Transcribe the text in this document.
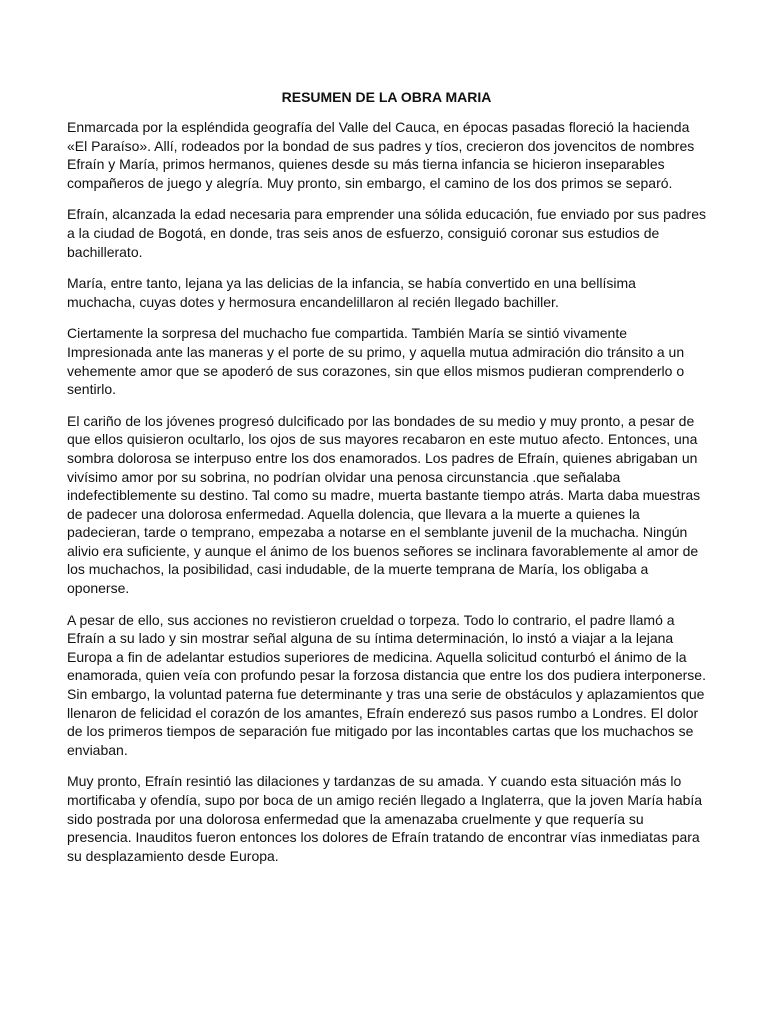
RESUMEN DE LA OBRA MARIA

Enmarcada por la espléndida geografía del Valle del Cauca, en épocas pasadas floreció la hacienda «El Paraíso». Allí, rodeados por la bondad de sus padres y tíos, crecieron dos jovencitos de nombres Efraín y María, primos hermanos, quienes desde su más tierna infancia se hicieron inseparables compañeros de juego y alegría. Muy pronto, sin embargo, el camino de los dos primos se separó.

Efraín, alcanzada la edad necesaria para emprender una sólida educación, fue enviado por sus padres a la ciudad de Bogotá, en donde, tras seis anos de esfuerzo, consiguió coronar sus estudios de bachillerato.

María, entre tanto, lejana ya las delicias de la infancia, se había convertido en una bellísima muchacha, cuyas dotes y hermosura encandelillaron al recién llegado bachiller.

Ciertamente la sorpresa del muchacho fue compartida. También María se sintió vivamente Impresionada ante las maneras y el porte de su primo, y aquella mutua admiración dio tránsito a un vehemente amor que se apoderó de sus corazones, sin que ellos mismos pudieran comprenderlo o sentirlo.

El cariño de los jóvenes progresó dulcificado por las bondades de su medio y muy pronto, a pesar de que ellos quisieron ocultarlo, los ojos de sus mayores recabaron en este mutuo afecto. Entonces, una sombra dolorosa se interpuso entre los dos enamorados. Los padres de Efraín, quienes abrigaban un vivísimo amor por su sobrina, no podrían olvidar una penosa circunstancia .que señalaba indefectiblemente su destino. Tal como su madre, muerta bastante tiempo atrás. Marta daba muestras de padecer una dolorosa enfermedad. Aquella dolencia, que llevara a la muerte a quienes la padecieran, tarde o temprano, empezaba a notarse en el semblante juvenil de la muchacha. Ningún alivio era suficiente, y aunque el ánimo de los buenos señores se inclinara favorablemente al amor de los muchachos, la posibilidad, casi indudable, de la muerte temprana de María, los obligaba a oponerse.

A pesar de ello, sus acciones no revistieron crueldad o torpeza. Todo lo contrario, el padre llamó a Efraín a su lado y sin mostrar señal alguna de su íntima determinación, lo instó a viajar a la lejana Europa a fin de adelantar estudios superiores de medicina. Aquella solicitud conturbó el ánimo de la enamorada, quien veía con profundo pesar la forzosa distancia que entre los dos pudiera interponerse. Sin embargo, la voluntad paterna fue determinante y tras una serie de obstáculos y aplazamientos que llenaron de felicidad el corazón de los amantes, Efraín enderezó sus pasos rumbo a Londres. El dolor de los primeros tiempos de separación fue mitigado por las incontables cartas que los muchachos se enviaban.

Muy pronto, Efraín resintió las dilaciones y tardanzas de su amada. Y cuando esta situación más lo mortificaba y ofendía, supo por boca de un amigo recién llegado a Inglaterra, que la joven María había sido postrada por una dolorosa enfermedad que la amenazaba cruelmente y que requería su presencia. Inauditos fueron entonces los dolores de Efraín tratando de encontrar vías inmediatas para su desplazamiento desde Europa.
